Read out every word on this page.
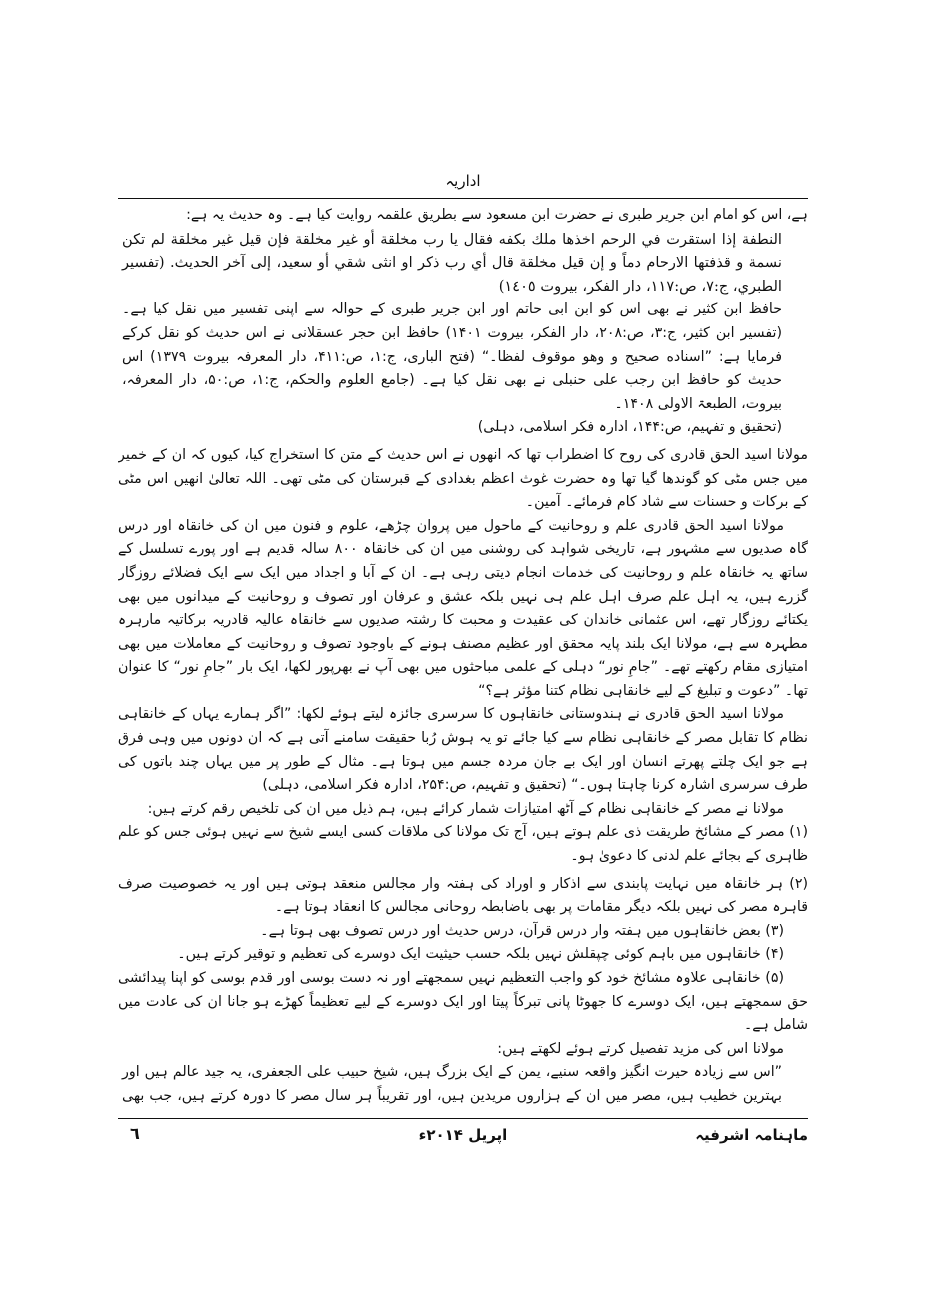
اداریہ

ہے، اس کو امام ابن جریر طبری نے حضرت ابن مسعود سے بطریق علقمہ روایت کیا ہے۔ وہ حدیث یہ ہے:

النطفة إذا استقرت في الرحم اخذها ملك بكفه فقال يا رب مخلقة أو غير مخلقة فإن قيل غير مخلقة لم تكن نسمة و قذفتها الارحام دماً و إن قيل مخلقة قال أي رب ذكر او انثى شقي أو سعيد، إلى آخر الحديث. (تفسير الطبري، ج:٧، ص:١١٧، دار الفكر، بيروت ١٤٠٥)

حافظ ابن کثیر نے بھی اس کو ابن ابی حاتم اور ابن جریر طبری کے حوالہ سے اپنی تفسیر میں نقل کیا ہے۔ (تفسیر ابن کثیر، ج:۳، ص:۲۰۸، دار الفکر، بیروت ۱۴۰۱) حافظ ابن حجر عسقلانی نے اس حدیث کو نقل کرکے فرمایا ہے: ”اسناده صحيح و وهو موقوف لفظا۔“ (فتح الباری، ج:۱، ص:۴۱۱، دار المعرفہ بیروت ۱۳۷۹) اس حدیث کو حافظ ابن رجب علی حنبلی نے بھی نقل کیا ہے۔ (جامع العلوم والحکم، ج:۱، ص:۵۰، دار المعرفہ، بیروت، الطبعۃ الاولی ۱۴۰۸۔

(تحقیق و تفہیم، ص:۱۴۴، ادارہ فکر اسلامی، دہلی)

مولانا اسید الحق قادری کی روح کا اضطراب تھا کہ انھوں نے اس حدیث کے متن کا استخراج کیا، کیوں کہ ان کے خمیر میں جس مٹی کو گوندھا گیا تھا وہ حضرت غوث اعظم بغدادی کے قبرستان کی مٹی تھی۔ اللہ تعالیٰ انھیں اس مٹی کے برکات و حسنات سے شاد کام فرمائے۔ آمین۔

مولانا اسید الحق قادری علم و روحانیت کے ماحول میں پروان چڑھے، علوم و فنون میں ان کی خانقاہ اور درس گاہ صدیوں سے مشہور ہے، تاریخی شواہد کی روشنی میں ان کی خانقاہ ۸۰۰ سالہ قدیم ہے اور پورے تسلسل کے ساتھ یہ خانقاہ علم و روحانیت کی خدمات انجام دیتی رہی ہے۔ ان کے آبا و اجداد میں ایک سے ایک فضلائے روزگار گزرے ہیں، یہ اہل علم صرف اہل علم ہی نہیں بلکہ عشق و عرفان اور تصوف و روحانیت کے میدانوں میں بھی یکتائے روزگار تھے، اس عثمانی خاندان کی عقیدت و محبت کا رشتہ صدیوں سے خانقاہ عالیہ قادریہ برکاتیہ مارہرہ مطہرہ سے ہے، مولانا ایک بلند پایہ محقق اور عظیم مصنف ہونے کے باوجود تصوف و روحانیت کے معاملات میں بھی امتیازی مقام رکھتے تھے۔ ”جامِ نور“ دہلی کے علمی مباحثوں میں بھی آپ نے بھرپور لکھا، ایک بار ”جامِ نور“ کا عنوان تھا۔ ”دعوت و تبلیغ کے لیے خانقاہی نظام کتنا مؤثر ہے؟“

مولانا اسید الحق قادری نے ہندوستانی خانقاہوں کا سرسری جائزہ لیتے ہوئے لکھا: ”اگر ہمارے یہاں کے خانقاہی نظام کا تقابل مصر کے خانقاہی نظام سے کیا جائے تو یہ ہوش رُبا حقیقت سامنے آتی ہے کہ ان دونوں میں وہی فرق ہے جو ایک چلتے پھرتے انسان اور ایک بے جان مردہ جسم میں ہوتا ہے۔ مثال کے طور پر میں یہاں چند باتوں کی طرف سرسری اشارہ کرنا چاہتا ہوں۔“ (تحقیق و تفہیم، ص:۲۵۴، ادارہ فکر اسلامی، دہلی)

مولانا نے مصر کے خانقاہی نظام کے آٹھ امتیازات شمار کرائے ہیں، ہم ذیل میں ان کی تلخیص رقم کرتے ہیں:

(۱) مصر کے مشائخ طریقت ذی علم ہوتے ہیں، آج تک مولانا کی ملاقات کسی ایسے شیخ سے نہیں ہوئی جس کو علم ظاہری کے بجائے علم لدنی کا دعویٰ ہو۔

(۲) ہر خانقاہ میں نہایت پابندی سے اذکار و اوراد کی ہفتہ وار مجالس منعقد ہوتی ہیں اور یہ خصوصیت صرف قاہرہ مصر کی نہیں بلکہ دیگر مقامات پر بھی باضابطہ روحانی مجالس کا انعقاد ہوتا ہے۔

(۳) بعض خانقاہوں میں ہفتہ وار درس قرآن، درس حدیث اور درس تصوف بھی ہوتا ہے۔

(۴) خانقاہوں میں باہم کوئی چپقلش نہیں بلکہ حسب حیثیت ایک دوسرے کی تعظیم و توقیر کرتے ہیں۔

(۵) خانقاہی علاوہ مشائخ خود کو واجب التعظیم نہیں سمجھتے اور نہ دست بوسی اور قدم بوسی کو اپنا پیدائشی حق سمجھتے ہیں، ایک دوسرے کا جھوٹا پانی تبرکاً پیتا اور ایک دوسرے کے لیے تعظیماً کھڑے ہو جانا ان کی عادت میں شامل ہے۔

مولانا اس کی مزید تفصیل کرتے ہوئے لکھتے ہیں:

”اس سے زیادہ حیرت انگیز واقعہ سنیے، یمن کے ایک بزرگ ہیں، شیخ حبیب علی الجعفری، یہ جید عالم ہیں اور بہترین خطیب ہیں، مصر میں ان کے ہزاروں مریدین ہیں، اور تقریباً ہر سال مصر کا دورہ کرتے ہیں، جب بھی

٦	اپریل ۲۰۱۴ء	ماہنامہ اشرفیہ
